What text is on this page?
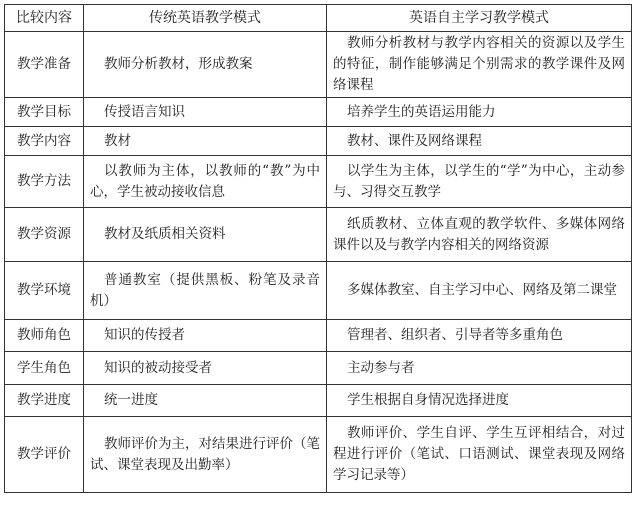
比较内容	传统英语教学模式	英语自主学习教学模式
教学准备	教师分析教材，形成教案	教师分析教材与教学内容相关的资源以及学生的特征，制作能够满足个别需求的教学课件及网络课程
教学目标	传授语言知识	培养学生的英语运用能力
教学内容	教材	教材、课件及网络课程
教学方法	以教师为主体，以教师的“教”为中心，学生被动接收信息	以学生为主体，以学生的“学”为中心，主动参与、习得交互教学
教学资源	教材及纸质相关资料	纸质教材、立体直观的教学软件、多媒体网络课件以及与教学内容相关的网络资源
教学环境	普通教室（提供黑板、粉笔及录音机）	多媒体教室、自主学习中心、网络及第二课堂
教师角色	知识的传授者	管理者、组织者、引导者等多重角色
学生角色	知识的被动接受者	主动参与者
教学进度	统一进度	学生根据自身情况选择进度
教学评价	教师评价为主，对结果进行评价（笔试、课堂表现及出勤率）	教师评价、学生自评、学生互评相结合，对过程进行评价（笔试、口语测试、课堂表现及网络学习记录等）
